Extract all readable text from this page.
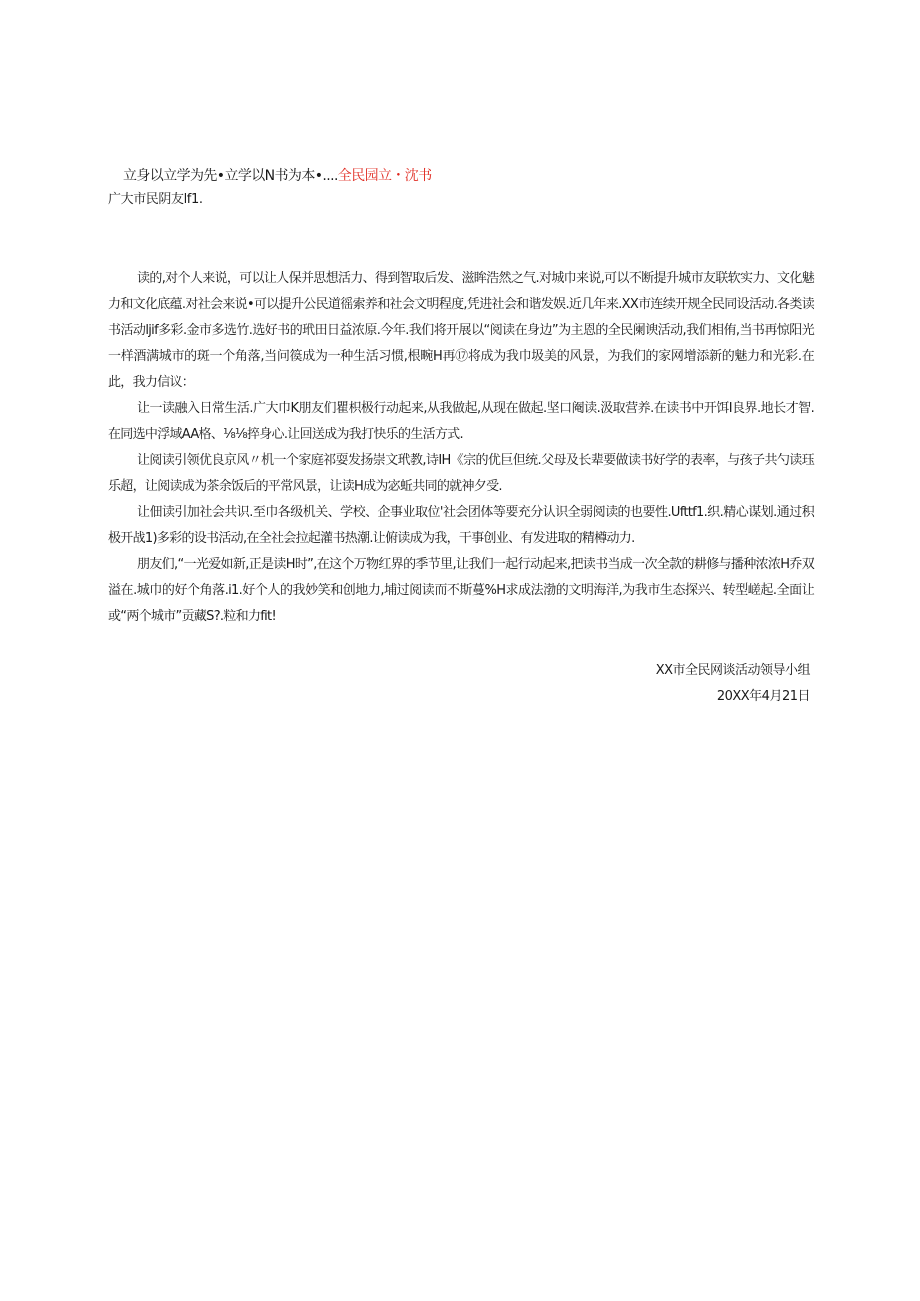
立身以立学为先•立学以N书为本•....全民园立・沈书
广大市民阴友lf1.

读的,对个人来说，可以让人保并思想活力、得到智取后发、滋眸浩然之气.对城巾来说,可以不断提升城市友联软实力、文化魅力和文化底蕴.对社会来说•可以提升公民道徭索养和社会文明程度,凭进社会和谐发娱.近几年来.XX市连续开规全民同设活动.各类读书活动ljif多彩.金市多选竹.选好书的玳田日益浓原.今年.我们将开展以“阅读在身边”为主恩的全民阑谀活动,我们相侑,当书再惊阳光一样酒满城市的斑一个角落,当问篌成为一种生活习惯,根畹H再⑰将成为我巾圾美的风景，为我们的家网增添新的魅力和光彩.在此，我力信议：

让一读融入日常生活.广大巾K朋友们瞿枳极行动起来,从我做起,从现在做起.坚口阉读.汲取营养.在读书中开饵I良界.地长才智.在同选中浮域AA格、⅛⅛捽身心.让回送成为我打快乐的生活方式.

让阅读引领优良京风〃机一个家庭祁耍发扬崇文玳教,诗IH《宗的优巨但统.父母及长辈要做读书好学的表率，与孩子共勺读珏乐超，让阅读成为茶余饭后的平常风景，让读H成为宓蚯共同的就神夕受.

让佃读引加社会共识.至巾各级机关、学校、企事业取位'社会团体等要充分认识全弱阅读的也要性.Ufttf1.织.精心谋划.通过积极开战1)多彩的设书活动,在全社会拉起灌书热潮.让俯读成为我，干事创业、有发进取的精樽动力.

朋友们,“一光爱如新,正是读H时”,在这个万物红界的季节里,让我们一起行动起来,把读书当成一次全款的耕修与播种浓浓H乔双溢在.城巾的好个角落.i1.好个人的我妙笑和创地力,埔过阅读而不斯蔓%H求成法渤的文明海洋,为我市生态探兴、转型嵯起.全面让或“两个城市”贡藏S?.粒和力fit!

XX市全民网谈活动领导小组
20XX年4月21日
